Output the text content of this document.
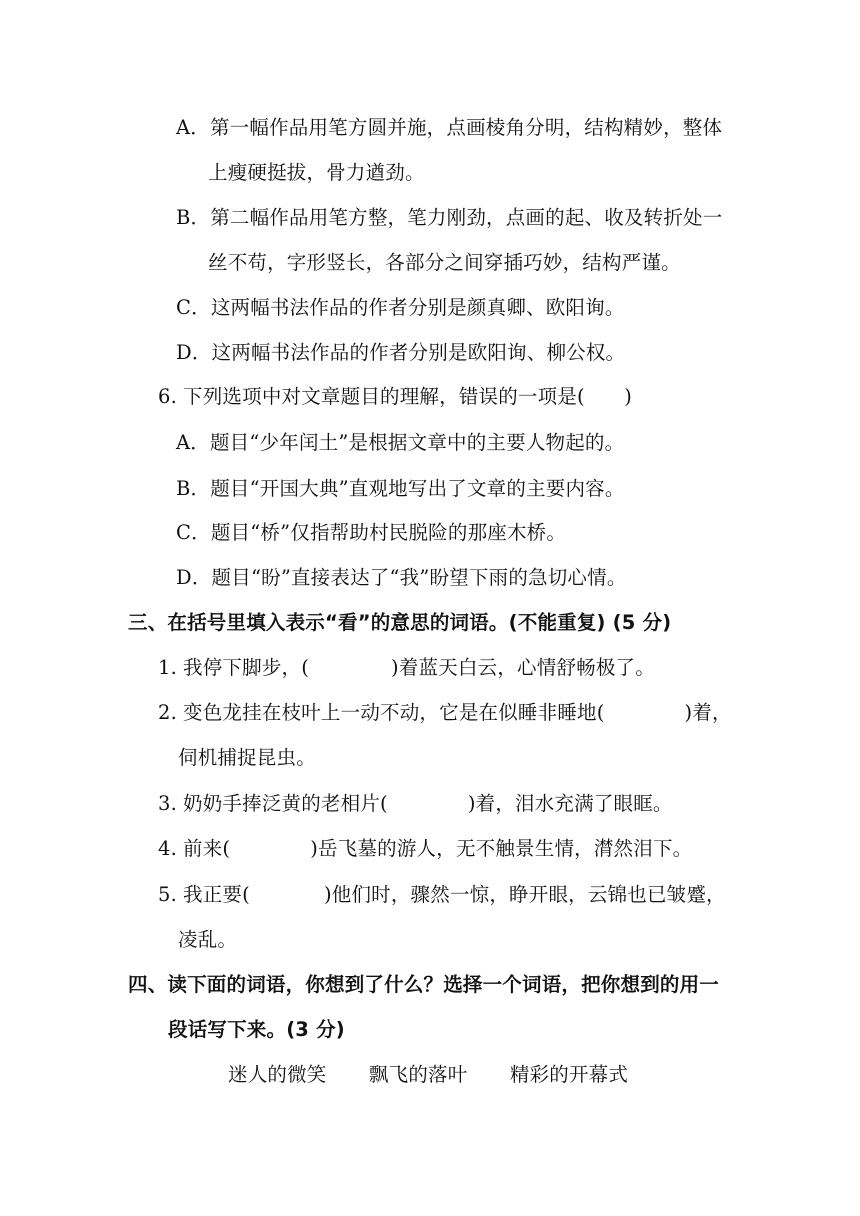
A．第一幅作品用笔方圆并施，点画棱角分明，结构精妙，整体
上瘦硬挺拔，骨力遒劲。
B．第二幅作品用笔方整，笔力刚劲，点画的起、收及转折处一
丝不苟，字形竖长，各部分之间穿插巧妙，结构严谨。
C．这两幅书法作品的作者分别是颜真卿、欧阳询。
D．这两幅书法作品的作者分别是欧阳询、柳公权。
6. 下列选项中对文章题目的理解，错误的一项是(　　)
A．题目“少年闰土”是根据文章中的主要人物起的。
B．题目“开国大典”直观地写出了文章的主要内容。
C．题目“桥”仅指帮助村民脱险的那座木桥。
D．题目“盼”直接表达了“我”盼望下雨的急切心情。
三、在括号里填入表示“看”的意思的词语。(不能重复) (5 分)
1. 我停下脚步，(	)着蓝天白云，心情舒畅极了。
2. 变色龙挂在枝叶上一动不动，它是在似睡非睡地(	)着，
伺机捕捉昆虫。
3. 奶奶手捧泛黄的老相片(	)着，泪水充满了眼眶。
4. 前来(	)岳飞墓的游人，无不触景生情，潸然泪下。
5. 我正要(	)他们时，骤然一惊，睁开眼，云锦也已皱蹙，
凌乱。
四、读下面的词语，你想到了什么？选择一个词语，把你想到的用一
段话写下来。(3 分)
迷人的微笑 飘飞的落叶 精彩的开幕式
